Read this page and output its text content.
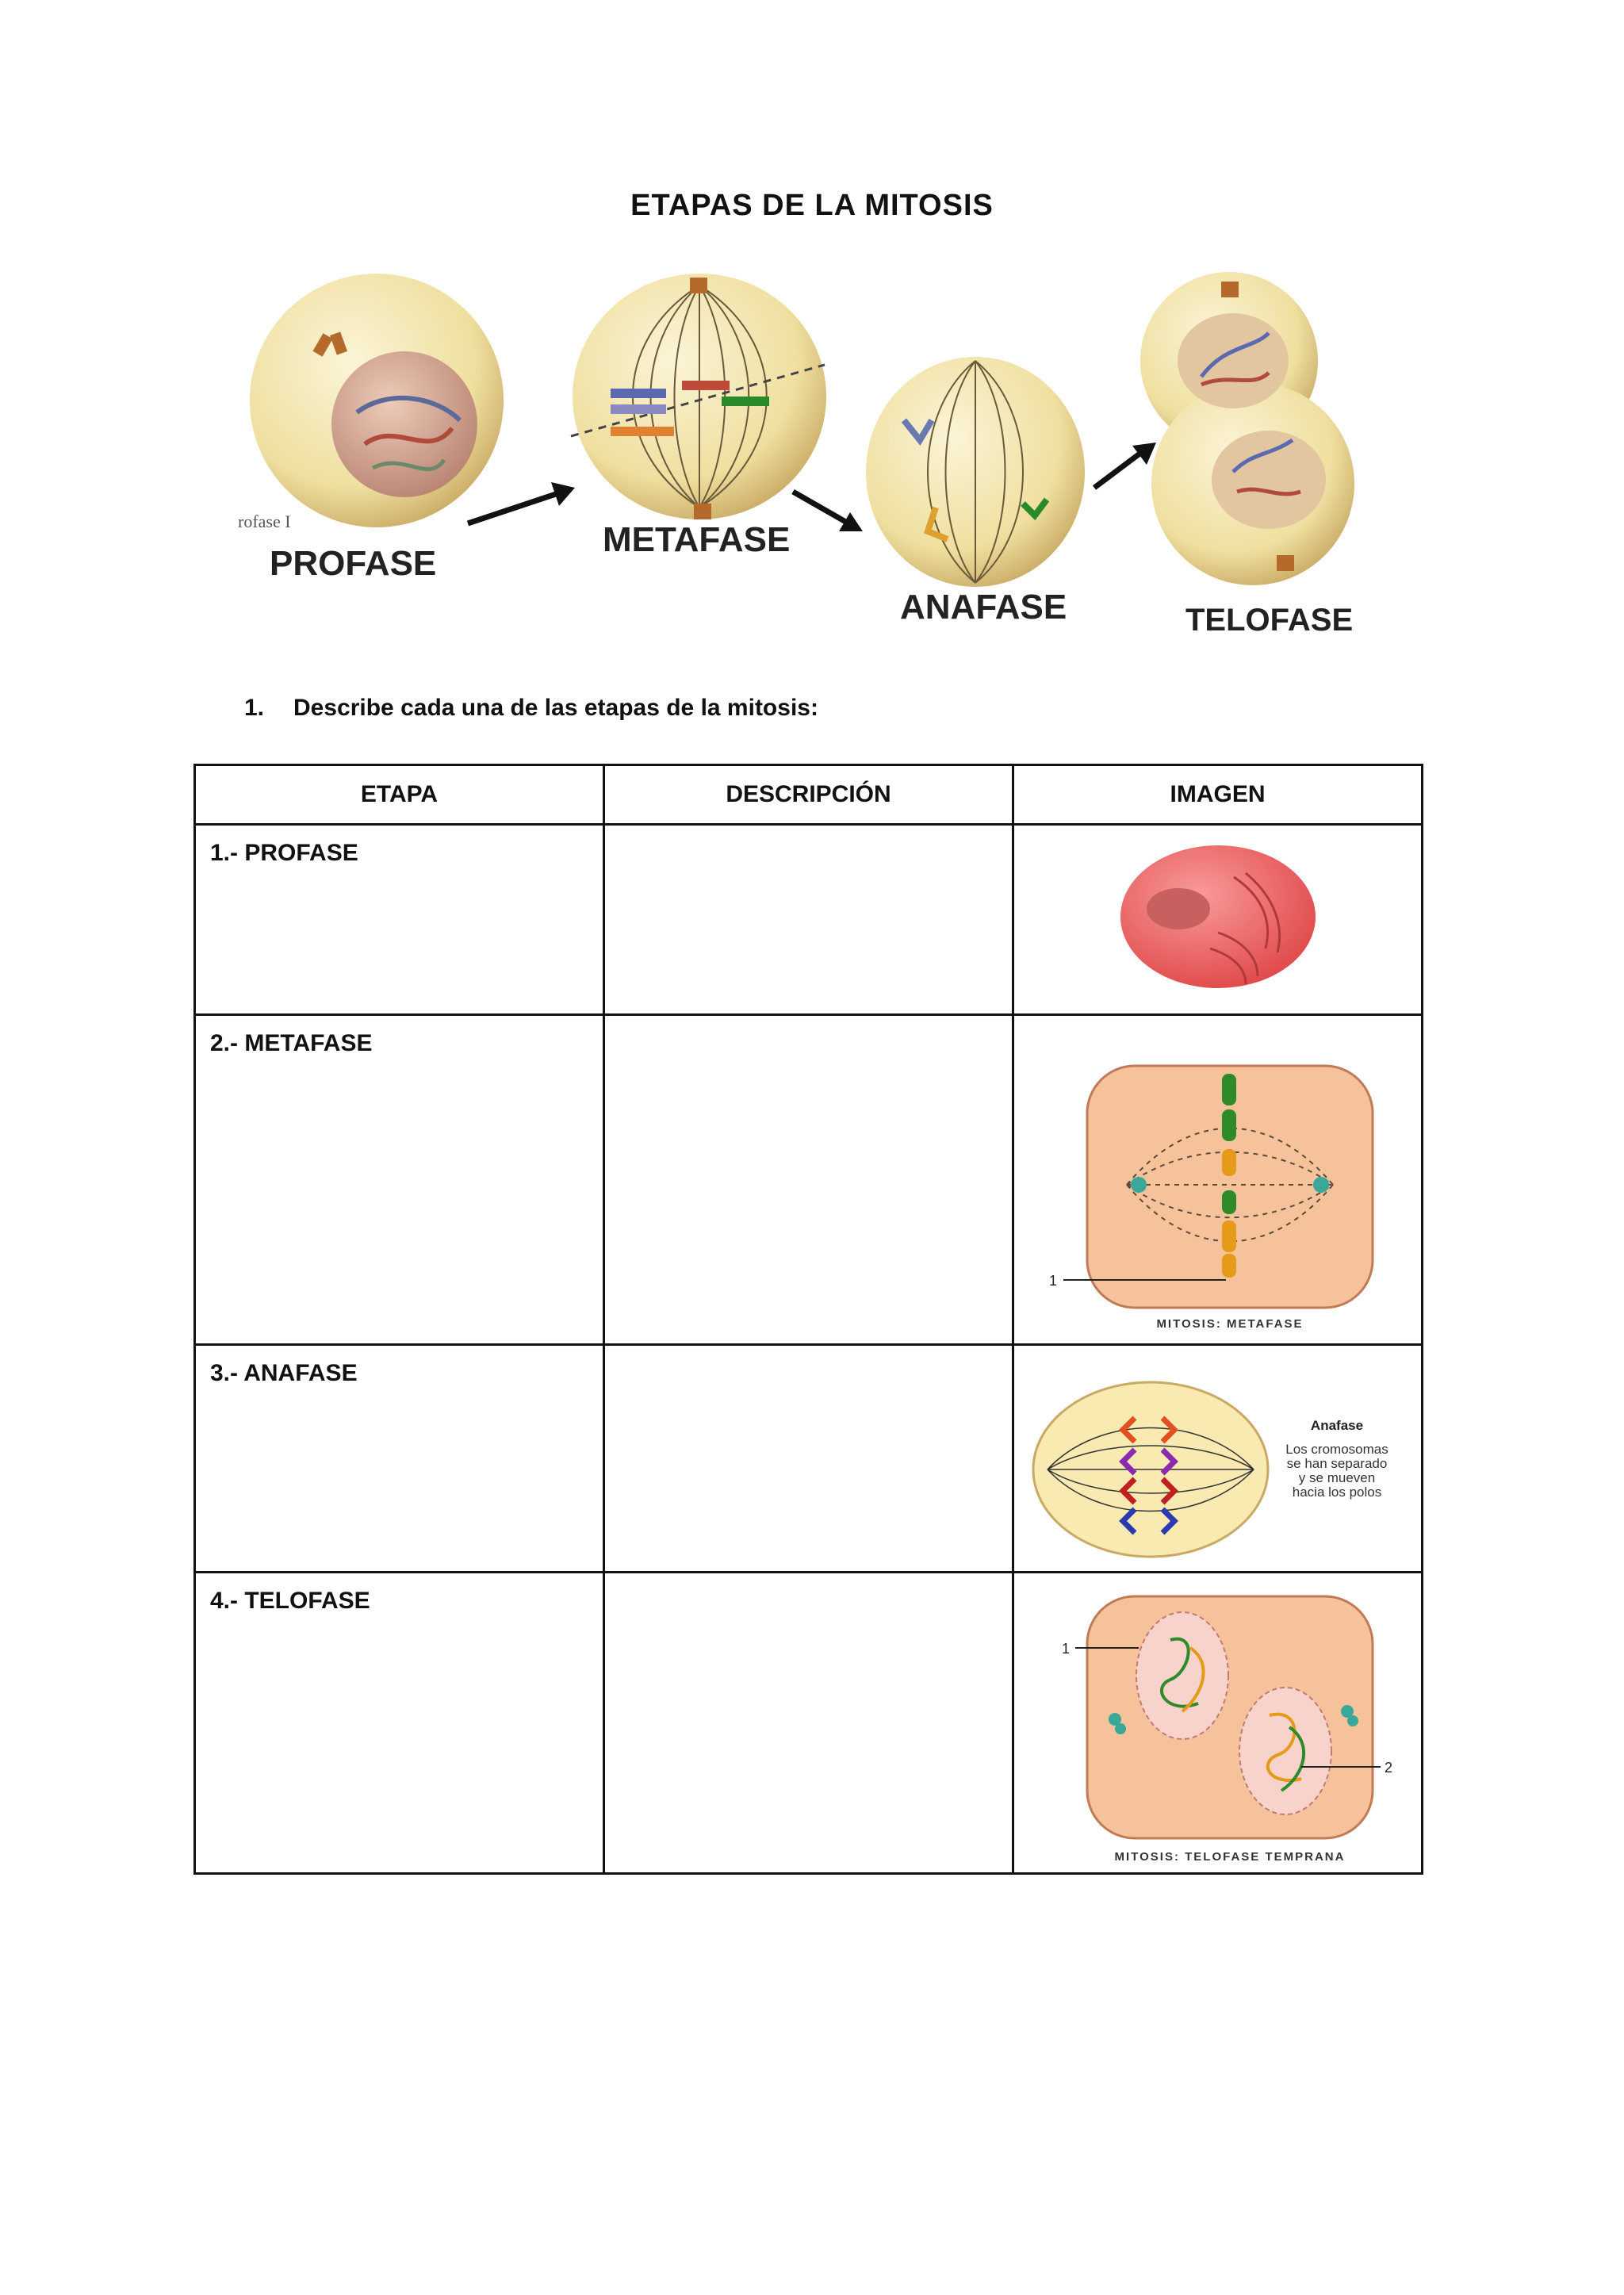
ETAPAS DE LA MITOSIS
rofase I
PROFASE
METAFASE
ANAFASE	TELOFASE
1. Describe cada una de las etapas de la mitosis:
ETAPA	DESCRIPCIÓN	IMAGEN
1.- PROFASE		

2.- METAFASE		1
MITOSIS: METAFASE

3.- ANAFASE		Anafase
Los cromosomas
se han separado
y se mueven
hacia los polos

4.- TELOFASE		1
2
MITOSIS: TELOFASE TEMPRANA
